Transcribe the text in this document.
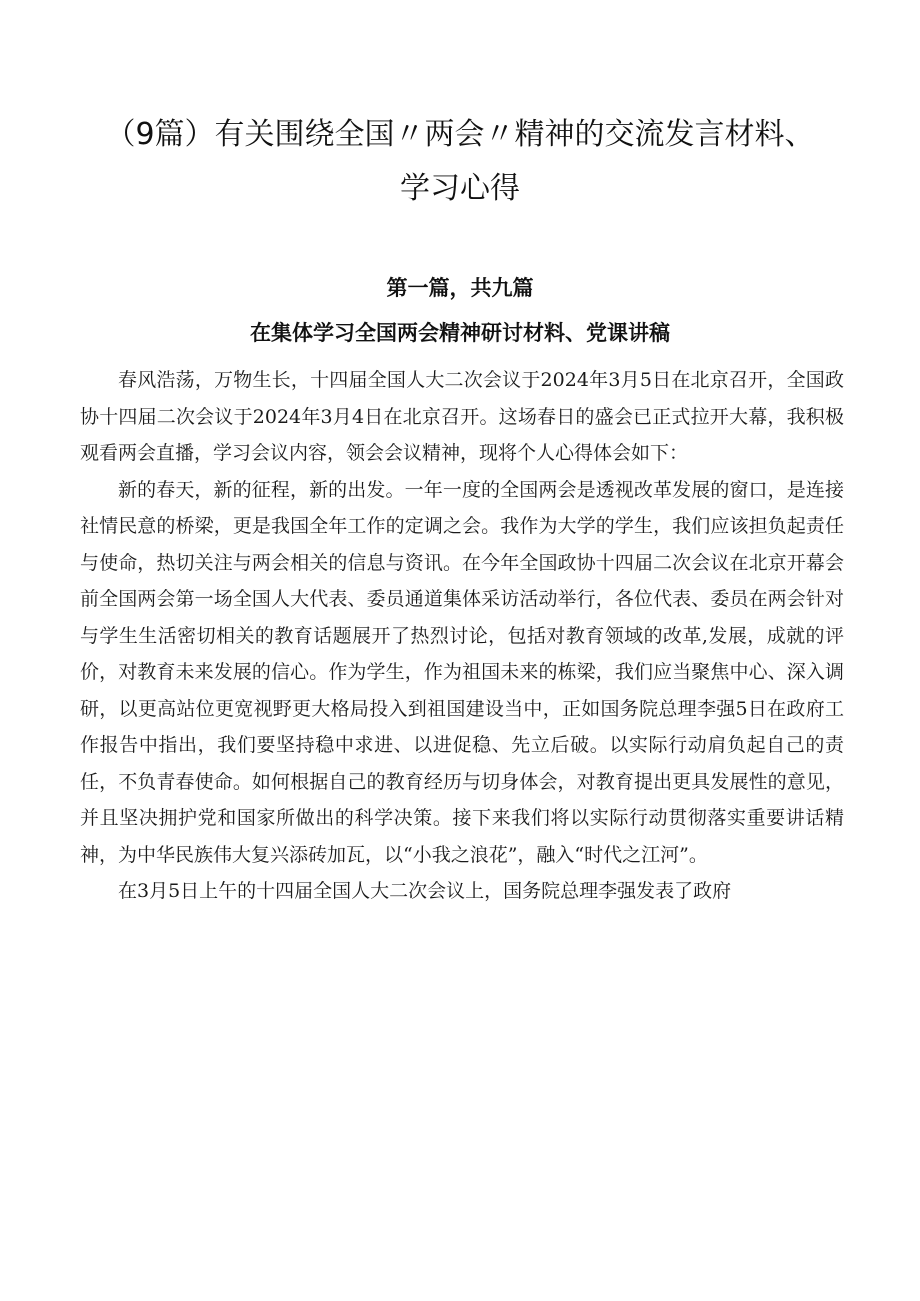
（9篇）有关围绕全国〃两会〃精神的交流发言材料、
学习心得
第一篇，共九篇
在集体学习全国两会精神研讨材料、党课讲稿

春风浩荡，万物生长，十四届全国人大二次会议于2024年3月5日在北京召开，全国政协十四届二次会议于2024年3月4日在北京召开。这场春日的盛会已正式拉开大幕，我积极观看两会直播，学习会议内容，领会会议精神，现将个人心得体会如下：

新的春天，新的征程，新的出发。一年一度的全国两会是透视改革发展的窗口，是连接社情民意的桥梁，更是我国全年工作的定调之会。我作为大学的学生，我们应该担负起责任与使命，热切关注与两会相关的信息与资讯。在今年全国政协十四届二次会议在北京开幕会前全国两会第一场全国人大代表、委员通道集体采访活动举行，各位代表、委员在两会针对与学生生活密切相关的教育话题展开了热烈讨论，包括对教育领域的改革,发展，成就的评价，对教育未来发展的信心。作为学生，作为祖国未来的栋梁，我们应当聚焦中心、深入调研，以更高站位更宽视野更大格局投入到祖国建设当中，正如国务院总理李强5日在政府工作报告中指出，我们要坚持稳中求进、以进促稳、先立后破。以实际行动肩负起自己的责任，不负青春使命。如何根据自己的教育经历与切身体会，对教育提出更具发展性的意见，并且坚决拥护党和国家所做出的科学决策。接下来我们将以实际行动贯彻落实重要讲话精神，为中华民族伟大复兴添砖加瓦，以“小我之浪花”，融入“时代之江河”。

在3月5日上午的十四届全国人大二次会议上，国务院总理李强发表了政府
